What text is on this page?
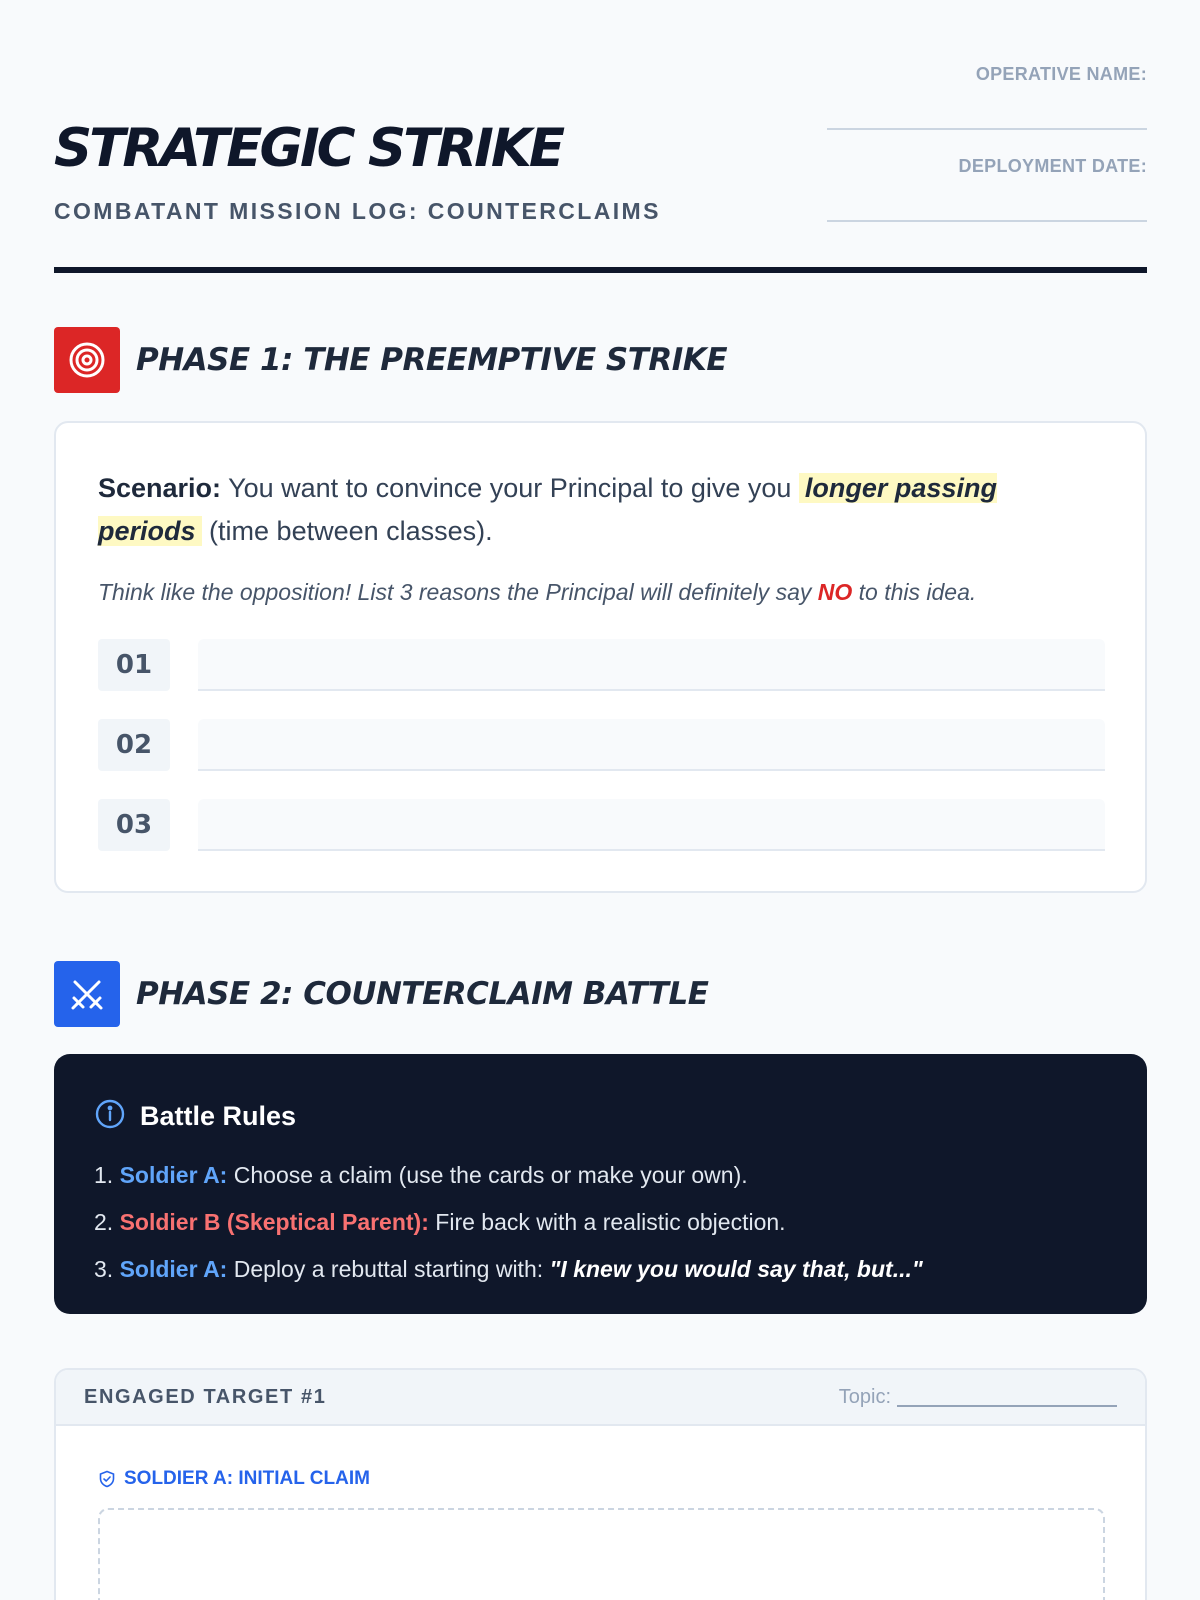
STRATEGIC STRIKE
COMBATANT MISSION LOG: COUNTERCLAIMS
OPERATIVE NAME:
DEPLOYMENT DATE:
PHASE 1: THE PREEMPTIVE STRIKE
Scenario: You want to convince your Principal to give you longer passing periods (time between classes).
Think like the opposition! List 3 reasons the Principal will definitely say NO to this idea.
01
02
03
PHASE 2: COUNTERCLAIM BATTLE
Battle Rules
1. Soldier A: Choose a claim (use the cards or make your own).
2. Soldier B (Skeptical Parent): Fire back with a realistic objection.
3. Soldier A: Deploy a rebuttal starting with: "I knew you would say that, but..."
ENGAGED TARGET #1	Topic:
SOLDIER A: INITIAL CLAIM
